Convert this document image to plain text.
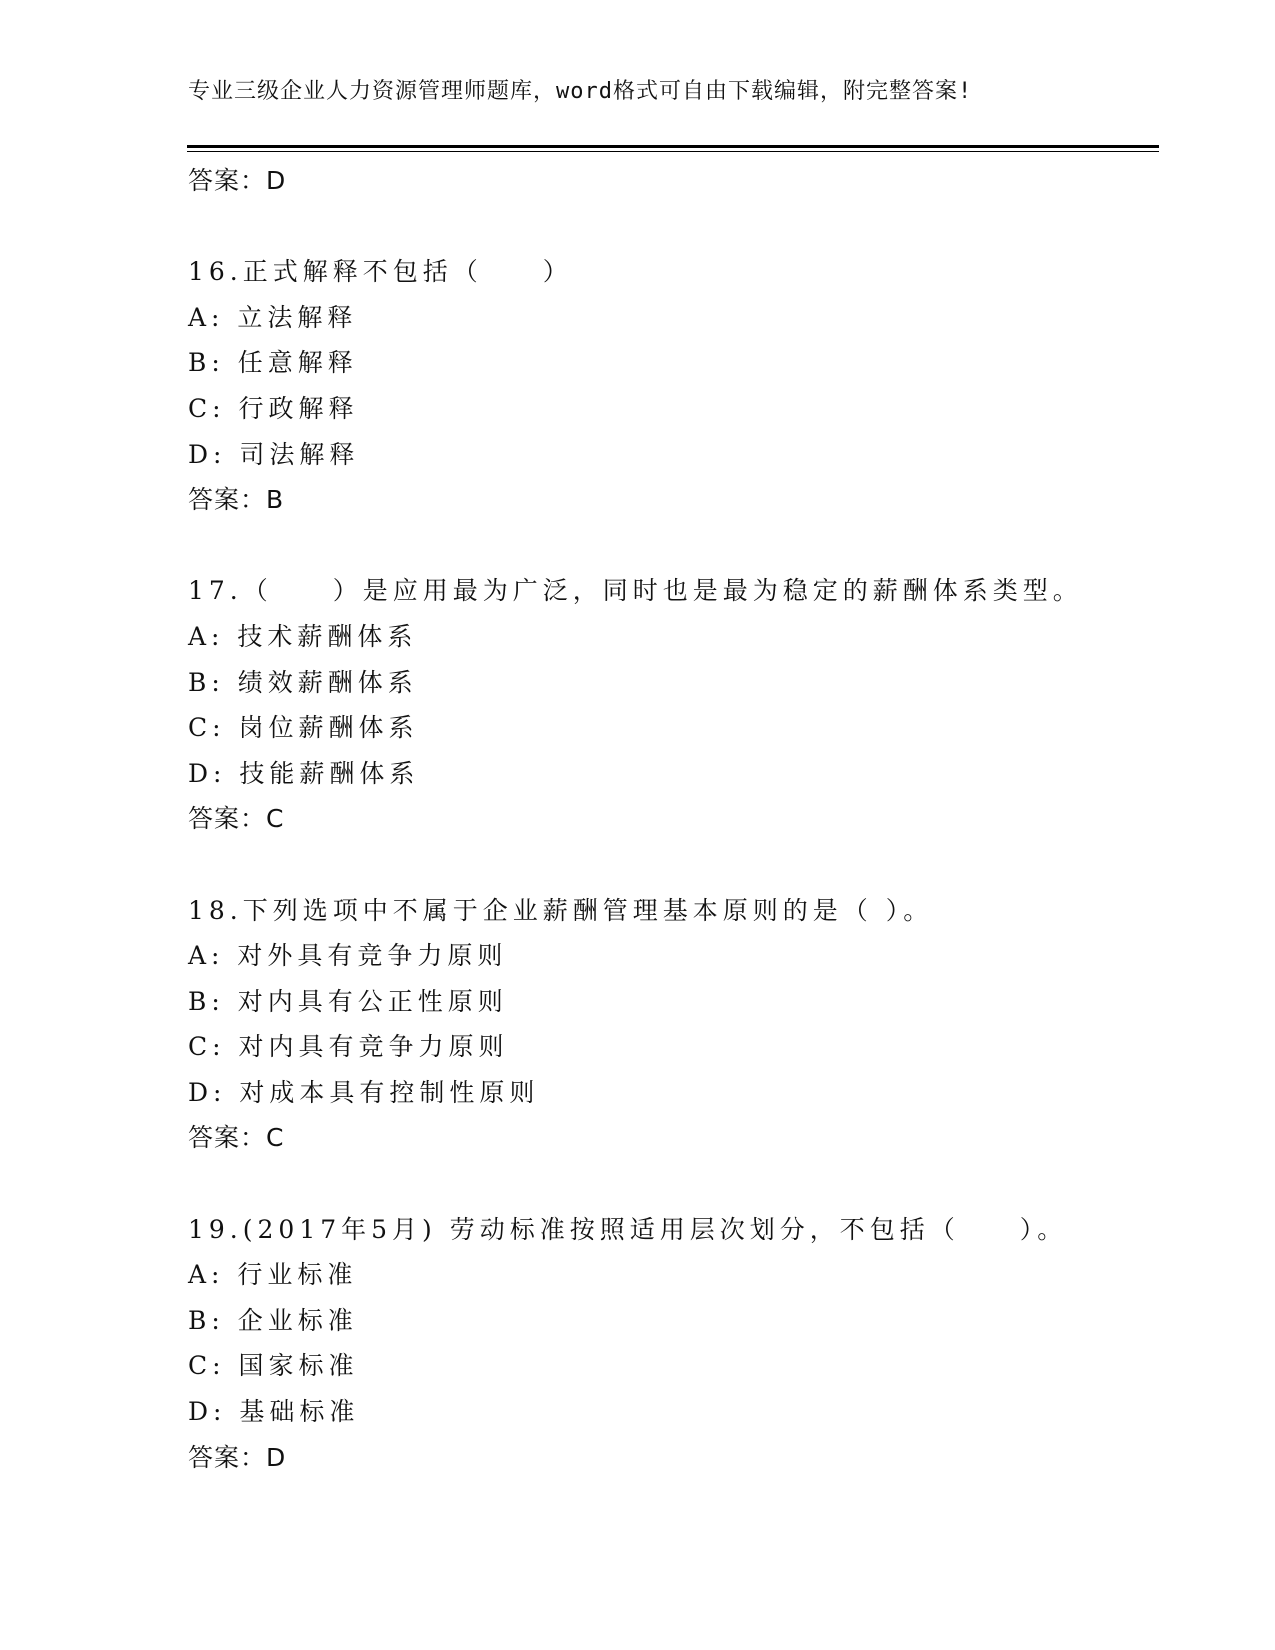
专业三级企业人力资源管理师题库，word格式可自由下载编辑，附完整答案!
答案：D
16.正式解释不包括（　　）
A: 立法解释
B: 任意解释
C: 行政解释
D: 司法解释
答案：B
17.（　　）是应用最为广泛，同时也是最为稳定的薪酬体系类型。
A: 技术薪酬体系
B: 绩效薪酬体系
C: 岗位薪酬体系
D: 技能薪酬体系
答案：C
18.下列选项中不属于企业薪酬管理基本原则的是（ ）。
A: 对外具有竞争力原则
B: 对内具有公正性原则
C: 对内具有竞争力原则
D: 对成本具有控制性原则
答案：C
19.(2017年5月) 劳动标准按照适用层次划分，不包括（　　）。
A: 行业标准
B: 企业标准
C: 国家标准
D: 基础标准
答案：D
